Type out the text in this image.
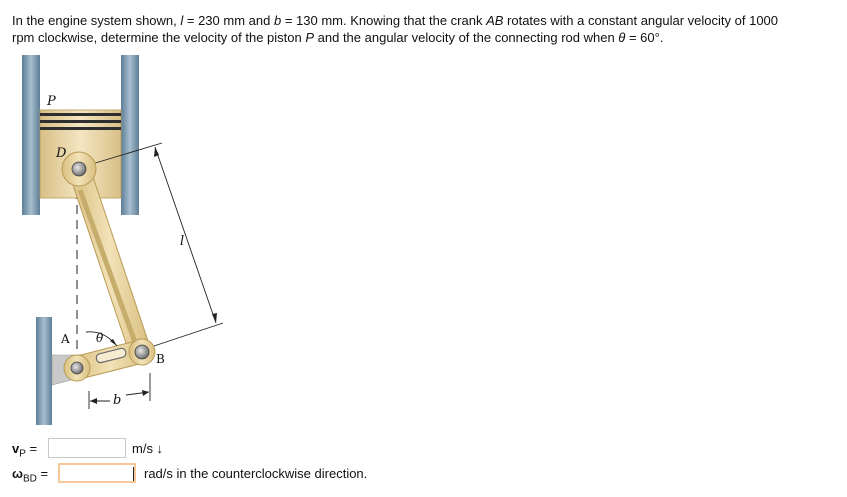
In the engine system shown, l = 230 mm and b = 130 mm. Knowing that the crank AB rotates with a constant angular velocity of 1000
rpm clockwise, determine the velocity of the piston P and the angular velocity of the connecting rod when θ = 60°.
P
D
l
A θ
B
b
$v_P$ =	m/s ↓
$\omega_{BD}$ =	rad/s in the counterclockwise direction.
